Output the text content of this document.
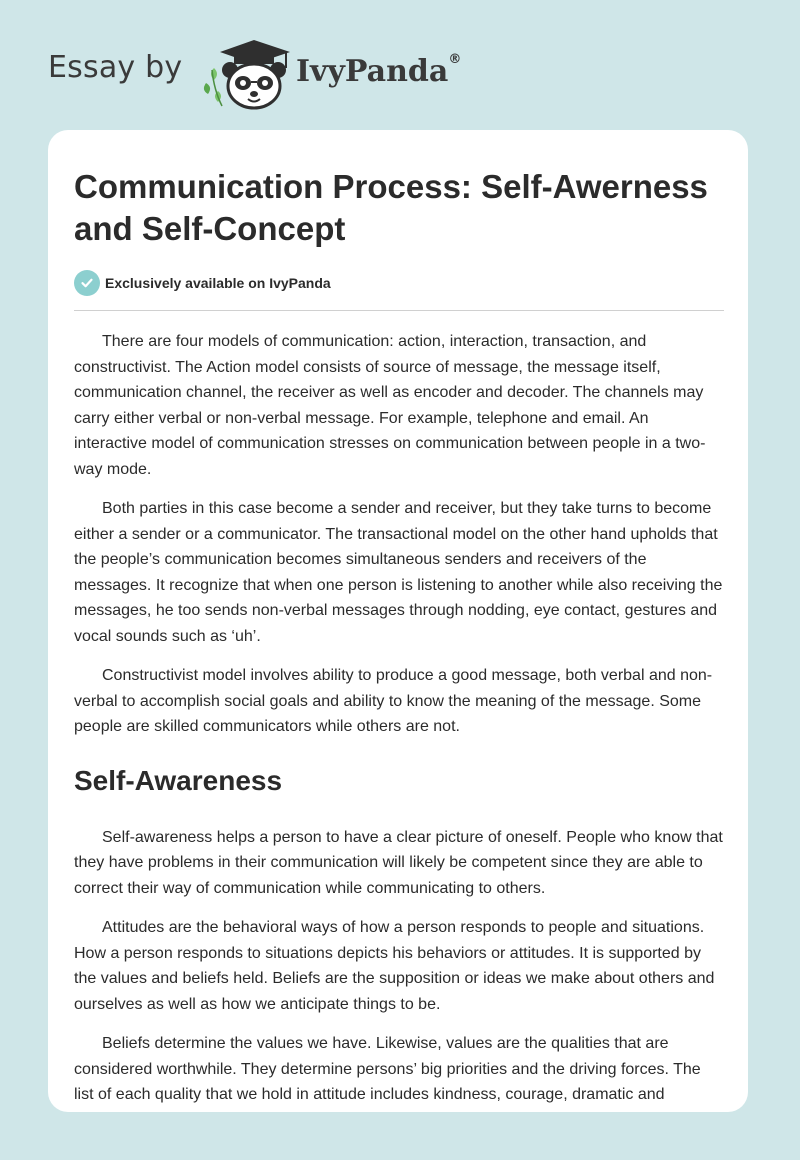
Essay by	IvyPanda®
Communication Process: Self-Awerness and Self-Concept
Exclusively available on IvyPanda

There are four models of communication: action, interaction, transaction, and constructivist. The Action model consists of source of message, the message itself, communication channel, the receiver as well as encoder and decoder. The channels may carry either verbal or non-verbal message. For example, telephone and email. An interactive model of communication stresses on communication between people in a two-way mode.

Both parties in this case become a sender and receiver, but they take turns to become either a sender or a communicator. The transactional model on the other hand upholds that the people’s communication becomes simultaneous senders and receivers of the messages. It recognize that when one person is listening to another while also receiving the messages, he too sends non-verbal messages through nodding, eye contact, gestures and vocal sounds such as ‘uh’.

Constructivist model involves ability to produce a good message, both verbal and non-verbal to accomplish social goals and ability to know the meaning of the message. Some people are skilled communicators while others are not.

Self-Awareness

Self-awareness helps a person to have a clear picture of oneself. People who know that they have problems in their communication will likely be competent since they are able to correct their way of communication while communicating to others.

Attitudes are the behavioral ways of how a person responds to people and situations. How a person responds to situations depicts his behaviors or attitudes. It is supported by the values and beliefs held. Beliefs are the supposition or ideas we make about others and ourselves as well as how we anticipate things to be.

Beliefs determine the values we have. Likewise, values are the qualities that are considered worthwhile. They determine persons’ big priorities and the driving forces. The list of each quality that we hold in attitude includes kindness, courage, dramatic and
